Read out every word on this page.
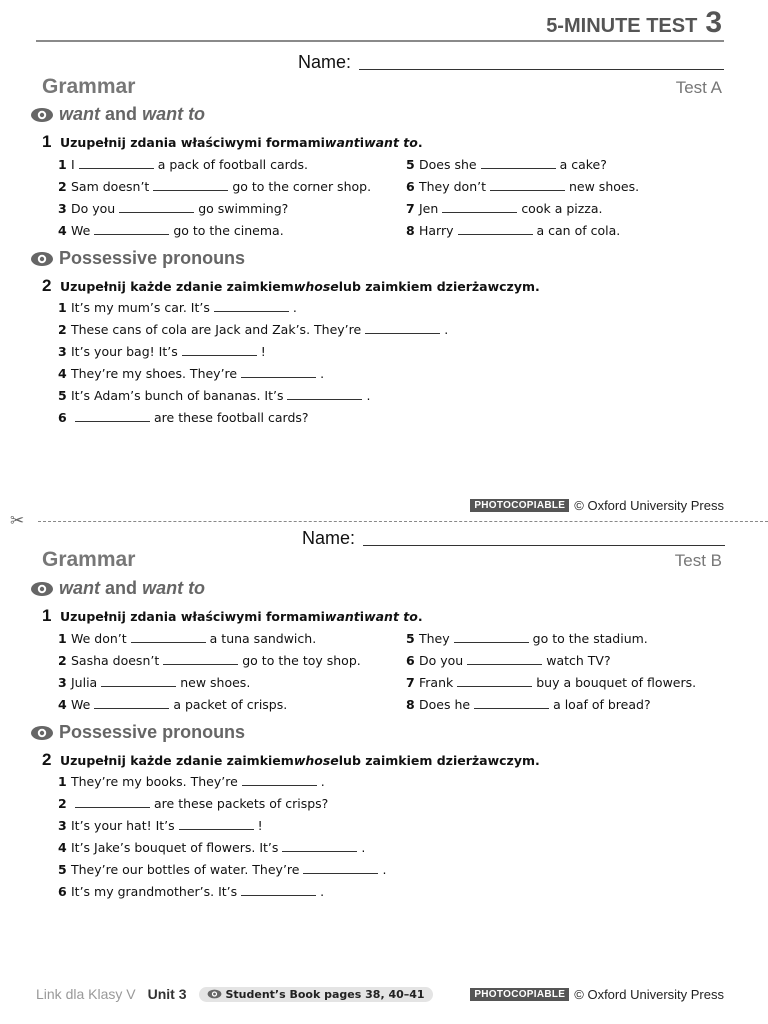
5-MINUTE TEST 3
Name:
Grammar	Test A
want
and
want to
1 Uzupełnij zdania właściwymi formami want i want to .
1 I	a pack of football cards.
2 Sam doesn’t	go to the corner shop.
3 Do you	go swimming?
4 We	go to the cinema.
5 Does she	a cake?
6 They don’t	new shoes.
7 Jen	cook a pizza.
8 Harry	a can of cola.
Possessive pronouns
2 Uzupełnij każde zdanie zaimkiem whose lub zaimkiem dzierżawczym.
1 It’s my mum’s car. It’s	.
2 These cans of cola are Jack and Zak’s. They’re	.
3 It’s your bag! It’s	!
4 They’re my shoes. They’re	.
5 It’s Adam’s bunch of bananas. It’s	.
6	are these football cards?
PHOTOCOPIABLE © Oxford University Press
✂
Name:
Grammar	Test B
want
and
want to
1 Uzupełnij zdania właściwymi formami want i want to .
1 We don’t	a tuna sandwich.
2 Sasha doesn’t	go to the toy shop.
3 Julia	new shoes.
4 We	a packet of crisps.
5 They	go to the stadium.
6 Do you	watch TV?
7 Frank	buy a bouquet of flowers.
8 Does he	a loaf of bread?
Possessive pronouns
2 Uzupełnij każde zdanie zaimkiem whose lub zaimkiem dzierżawczym.
1 They’re my books. They’re	.
2	are these packets of crisps?
3 It’s your hat! It’s	!
4 It’s Jake’s bouquet of flowers. It’s	.
5 They’re our bottles of water. They’re	.
6 It’s my grandmother’s. It’s	.
Link dla Klasy V Unit 3	Student’s Book pages 38, 40–41	PHOTOCOPIABLE © Oxford University Press
